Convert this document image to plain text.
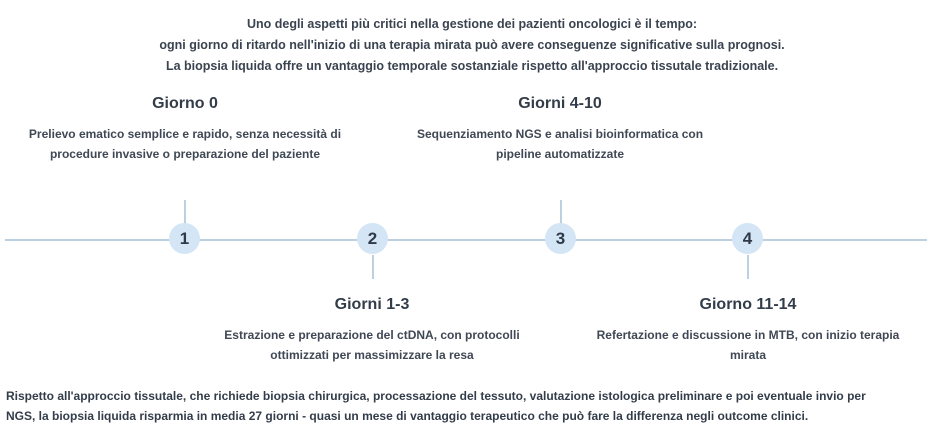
Uno degli aspetti più critici nella gestione dei pazienti oncologici è il tempo:
ogni giorno di ritardo nell'inizio di una terapia mirata può avere conseguenze significative sulla prognosi.
La biopsia liquida offre un vantaggio temporale sostanziale rispetto all'approccio tissutale tradizionale.
Giorno 0
Prelievo ematico semplice e rapido, senza necessità di
procedure invasive o preparazione del paziente
Giorni 4-10
Sequenziamento NGS e analisi bioinformatica con
pipeline automatizzate
1	2	3	4
Giorni 1-3
Estrazione e preparazione del ctDNA, con protocolli
ottimizzati per massimizzare la resa
Giorno 11-14
Refertazione e discussione in MTB, con inizio terapia
mirata
Rispetto all'approccio tissutale, che richiede biopsia chirurgica, processazione del tessuto, valutazione istologica preliminare e poi eventuale invio per
NGS, la biopsia liquida risparmia in media 27 giorni - quasi un mese di vantaggio terapeutico che può fare la differenza negli outcome clinici.
